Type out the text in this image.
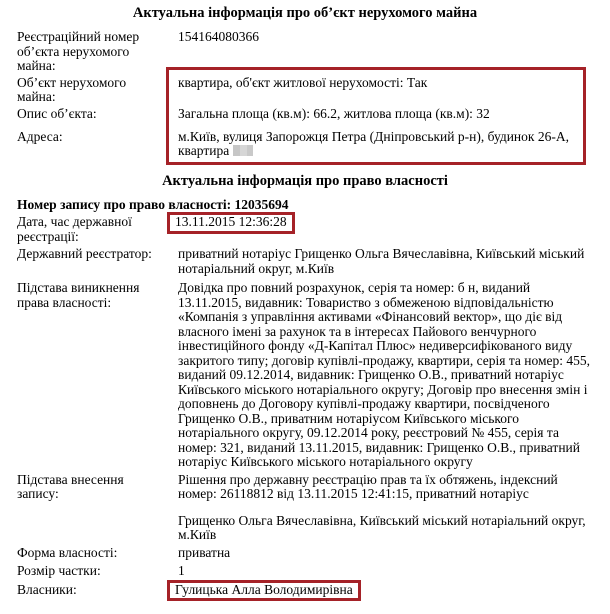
Актуальна інформація про об’єкт нерухомого майна
Реєстраційний номер об’єкта нерухомого майна:
154164080366
Об’єкт нерухомого майна:
квартира, об'єкт житлової нерухомості: Так
Опис об’єкта:	Загальна площа (кв.м): 66.2, житлова площа (кв.м): 32
Адреса:	м.Київ, вулиця Запорожця Петра (Дніпровський р-н), будинок 26-А, квартира
Актуальна інформація про право власності
Номер запису про право власності: 12035694
Дата, час державної реєстрації:
13.11.2015 12:36:28
Державний реєстратор:	приватний нотаріус Грищенко Ольга Вячеславівна, Київський міський нотаріальний округ, м.Київ
Підстава виникнення права власності:
Довідка про повний розрахунок, серія та номер: б н, виданий 13.11.2015, видавник: Товариство з обмеженою відповідальністю «Компанія з управління активами «Фінансовий вектор», що діє від власного імені за рахунок та в інтересах Пайового венчурного інвестиційного фонду «Д-Капітал Плюс» недиверсифікованого виду закритого типу; договір купівлі-продажу, квартири, серія та номер: 455, виданий 09.12.2014, видавник: Грищенко О.В., приватний нотаріус Київського міського нотаріального округу; Договір про внесення змін і доповнень до Договору купівлі-продажу квартири, посвідченого Грищенко О.В., приватним нотаріусом Київського міського нотаріального округу, 09.12.2014 року, реєстровий № 455, серія та номер: 321, виданий 13.11.2015, видавник: Грищенко О.В., приватний нотаріус Київського міського нотаріального округу
Підстава внесення запису:
Рішення про державну реєстрацію прав та їх обтяжень, індексний номер: 26118812 від 13.11.2015 12:41:15, приватний нотаріус
Грищенко Ольга Вячеславівна, Київський міський нотаріальний округ, м.Київ
Форма власності:	приватна
Розмір частки:	1
Власники:	Гулицька Алла Володимирівна
